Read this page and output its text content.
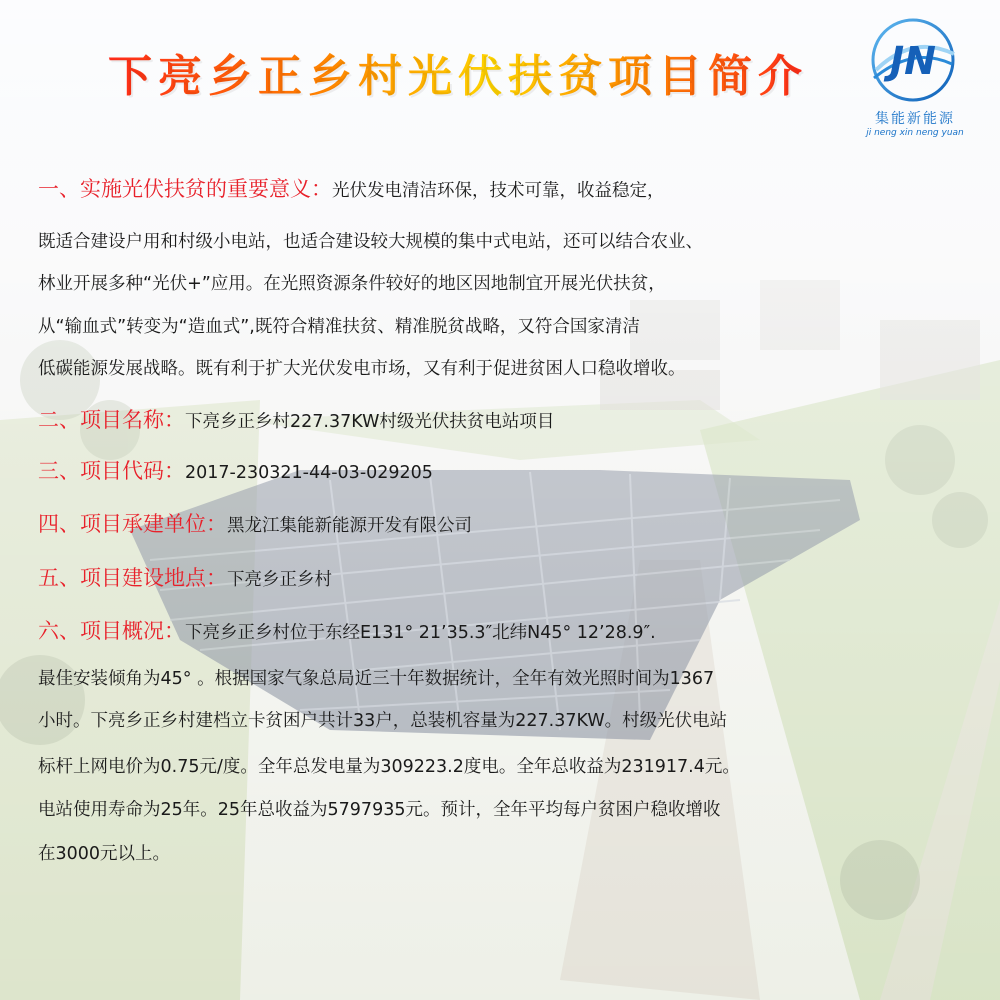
下亮乡正乡村光伏扶贫项目简介 JN
集能新能源
ji neng xin neng yuan
一、实施光伏扶贫的重要意义：光伏发电清洁环保，技术可靠，收益稳定，
既适合建设户用和村级小电站，也适合建设较大规模的集中式电站，还可以结合农业、
林业开展多种“光伏+”应用。在光照资源条件较好的地区因地制宜开展光伏扶贫，
从“输血式”转变为“造血式”,既符合精准扶贫、精准脱贫战略，又符合国家清洁
低碳能源发展战略。既有利于扩大光伏发电市场，又有利于促进贫困人口稳收增收。
二、项目名称：下亮乡正乡村227.37KW村级光伏扶贫电站项目
三、项目代码：2017-230321-44-03-029205
四、项目承建单位：黑龙江集能新能源开发有限公司
五、项目建设地点：下亮乡正乡村
六、项目概况：下亮乡正乡村位于东经E131° 21’35.3″北纬N45° 12’28.9″.
最佳安装倾角为45° 。根据国家气象总局近三十年数据统计，全年有效光照时间为1367
小时。下亮乡正乡村建档立卡贫困户共计33户，总装机容量为227.37KW。村级光伏电站
标杆上网电价为0.75元/度。全年总发电量为309223.2度电。全年总收益为231917.4元。
电站使用寿命为25年。25年总收益为5797935元。预计，全年平均每户贫困户稳收增收
在3000元以上。
